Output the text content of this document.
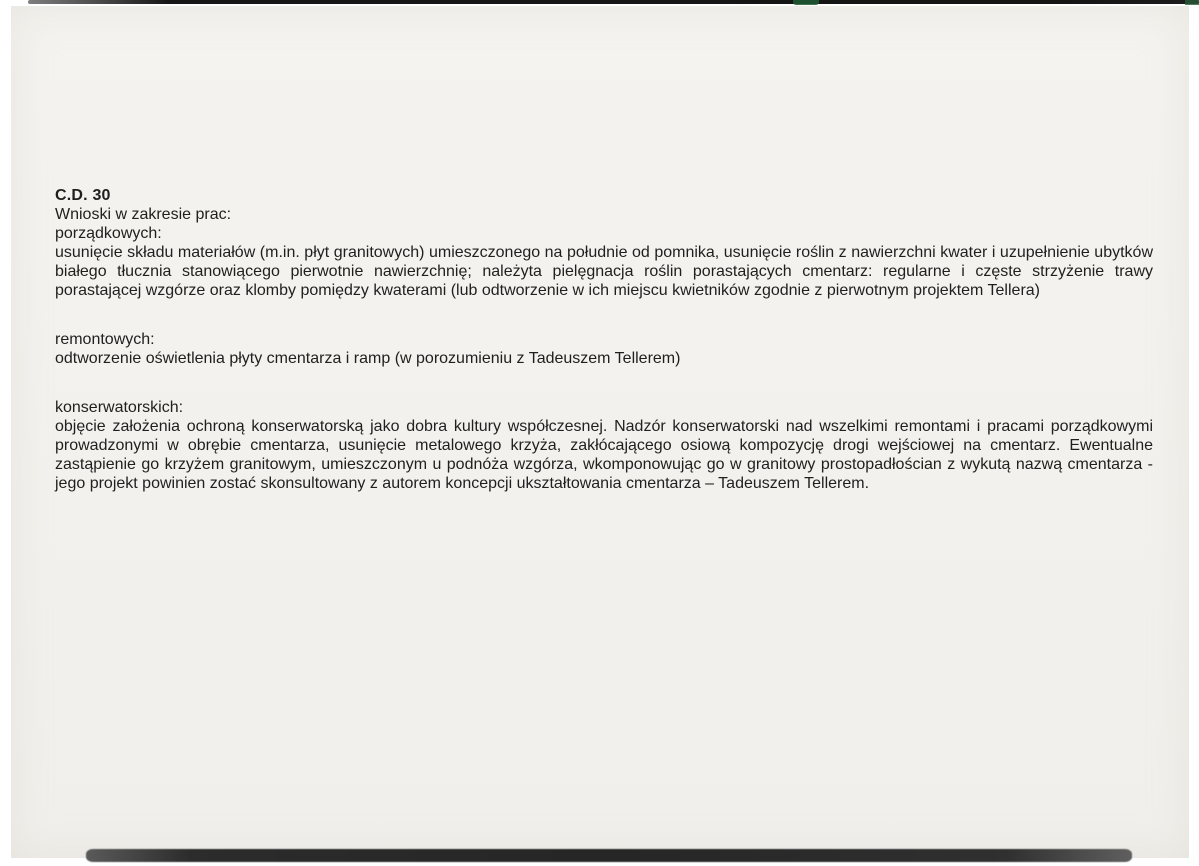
C.D. 30
Wnioski w zakresie prac:
porządkowych:

usunięcie składu materiałów (m.in. płyt granitowych) umieszczonego na południe od pomnika, usunięcie roślin z nawierzchni kwater i uzupełnienie ubytków białego tłucznia stanowiącego pierwotnie nawierzchnię; należyta pielęgnacja roślin porastających cmentarz: regularne i częste strzyżenie trawy porastającej wzgórze oraz klomby pomiędzy kwaterami (lub odtworzenie w ich miejscu kwietników zgodnie z pierwotnym projektem Tellera)

remontowych:

odtworzenie oświetlenia płyty cmentarza i ramp (w porozumieniu z Tadeuszem Tellerem)

konserwatorskich:

objęcie założenia ochroną konserwatorską jako dobra kultury współczesnej. Nadzór konserwatorski nad wszelkimi remontami i pracami porządkowymi prowadzonymi w obrębie cmentarza, usunięcie metalowego krzyża, zakłócającego osiową kompozycję drogi wejściowej na cmentarz. Ewentualne zastąpienie go krzyżem granitowym, umieszczonym u podnóża wzgórza, wkomponowując go w granitowy prostopadłościan z wykutą nazwą cmentarza - jego projekt powinien zostać skonsultowany z autorem koncepcji ukształtowania cmentarza – Tadeuszem Tellerem.
